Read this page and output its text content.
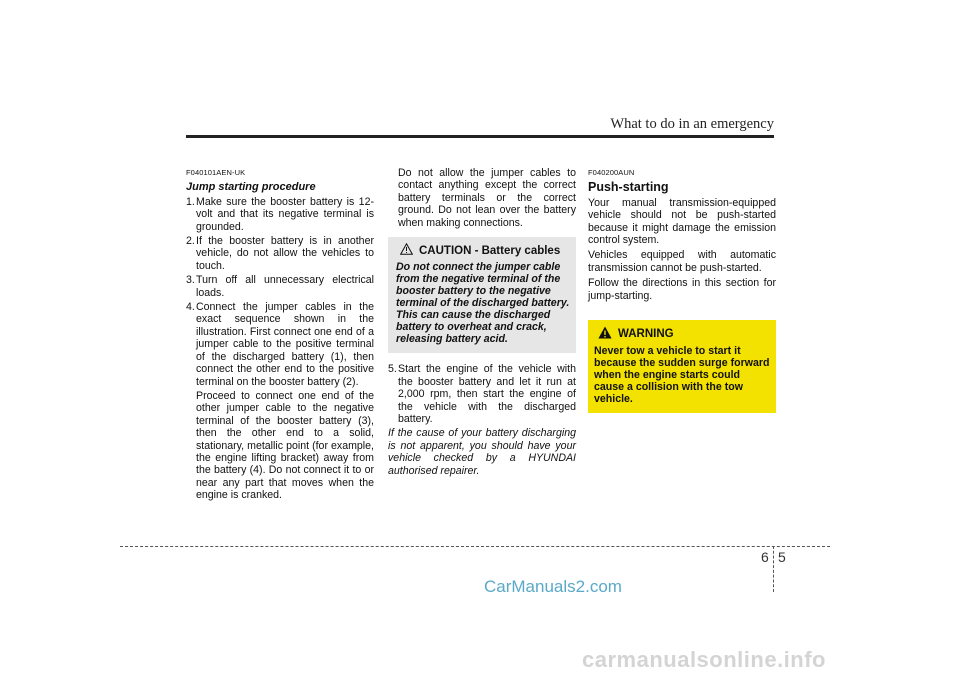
What to do in an emergency
F040101AEN-UK
Jump starting procedure
1. Make sure the booster battery is 12-volt and that its negative terminal is grounded.
2. If the booster battery is in another vehicle, do not allow the vehicles to touch.
3. Turn off all unnecessary electrical loads.
4. Connect the jumper cables in the exact sequence shown in the illustration. First connect one end of a jumper cable to the positive terminal of the discharged battery (1), then connect the other end to the positive terminal on the booster battery (2).

Proceed to connect one end of the other jumper cable to the negative terminal of the booster battery (3), then the other end to a solid, stationary, metallic point (for example, the engine lifting bracket) away from the battery (4). Do not connect it to or near any part that moves when the engine is cranked.

Do not allow the jumper cables to contact anything except the correct battery terminals or the correct ground. Do not lean over the battery when making connections.

CAUTION - Battery cables
Do not connect the jumper cable from the negative terminal of the booster battery to the negative terminal of the discharged battery. This can cause the discharged battery to overheat and crack, releasing battery acid.
5. Start the engine of the vehicle with the booster battery and let it run at 2,000 rpm, then start the engine of the vehicle with the discharged battery.

If the cause of your battery discharging is not apparent, you should have your vehicle checked by a HYUNDAI authorised repairer.

F040200AUN
Push-starting

Your manual transmission-equipped vehicle should not be push-started because it might damage the emission control system.

Vehicles equipped with automatic transmission cannot be push-started.

Follow the directions in this section for jump-starting.

WARNING
Never tow a vehicle to start it because the sudden surge forward when the engine starts could cause a collision with the tow vehicle.
6 5
CarManuals2.com
carmanualsonline.info
